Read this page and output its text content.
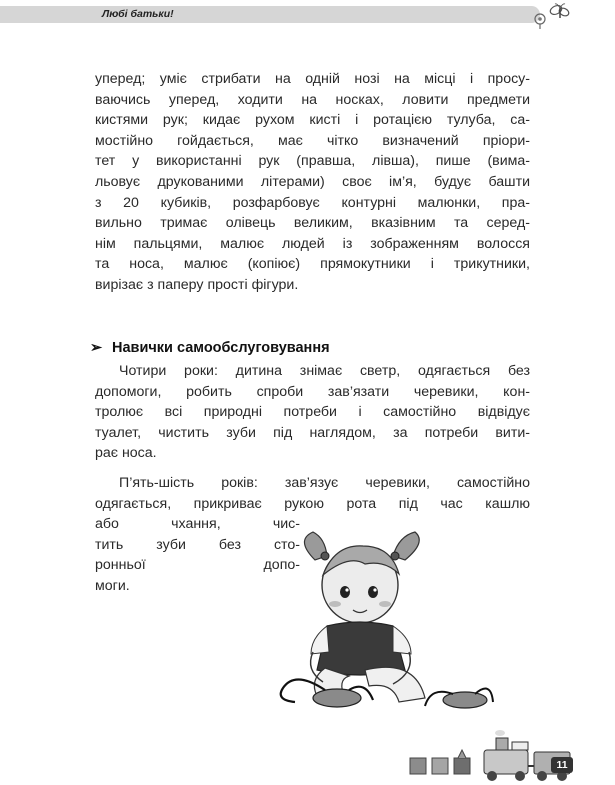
Любі батьки!
уперед; уміє стрибати на одній нозі на місці і просу-
ваючись уперед, ходити на носках, ловити предмети
кистями рук; кидає рухом кисті і ротацією тулуба, са-
мостійно гойдається, має чітко визначений пріори-
тет у використанні рук (правша, лівша), пише (вима-
льовує друкованими літерами) своє ім’я, будує башти
з 20 кубиків, розфарбовує контурні малюнки, пра-
вильно тримає олівець великим, вказівним та серед-
нім пальцями, малює людей із зображенням волосся
та носа, малює (копіює) прямокутники і трикутники,
вирізає з паперу прості фігури.
➢ Навички самообслуговування
Чотири роки: дитина знімає светр, одягається без
допомоги, робить спроби зав’язати черевики, кон-
тролює всі природні потреби і самостійно відвідує
туалет, чистить зуби під наглядом, за потреби вити-
рає носа.
П’ять-шість років: зав’язує черевики, самостійно
одягається, прикриває рукою рота під час кашлю
або чхання, чис-
тить зуби без сто-
ронньої допо-
моги.
11
